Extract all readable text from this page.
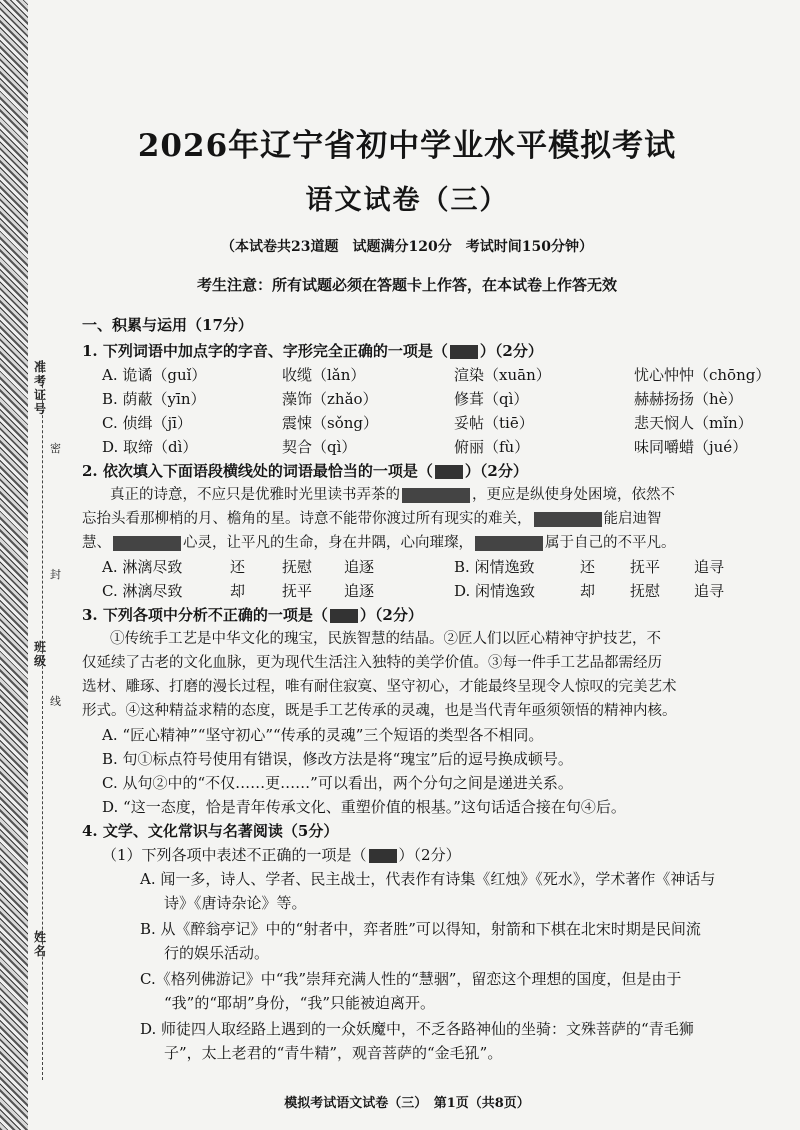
准考证号
班级
姓名
密
封
线
2026年辽宁省初中学业水平模拟考试
语文试卷（三）
（本试卷共23道题　试题满分120分　考试时间150分钟）
考生注意：所有试题必须在答题卡上作答，在本试卷上作答无效
一、积累与运用（17分）
1. 下列词语中加点字的字音、字形完全正确的一项是（ ）（2分）
A. 诡谲（guǐ）	收缆（lǎn）	渲染（xuān）	忧心忡忡（chōng）
B. 荫蔽（yīn）	藻饰（zhǎo）	修葺（qì）	赫赫扬扬（hè）
C. 侦缉（jī）	震悚（sǒng）	妥帖（tiē）	悲天悯人（mǐn）
D. 取缔（dì）	契合（qì）	俯丽（fù）	味同嚼蜡（jué）
2. 依次填入下面语段横线处的词语最恰当的一项是（ ）（2分）
真正的诗意，不应只是优雅时光里读书弄茶的	，更应是纵使身处困境，依然不
忘抬头看那柳梢的月、檐角的星。诗意不能带你渡过所有现实的难关，	能启迪智
慧、	心灵，让平凡的生命，身在井隅，心向璀璨，	属于自己的不平凡。
A. 淋漓尽致	还 抚慰 追逐	B. 闲情逸致	还 抚平 追寻
C. 淋漓尽致	却 抚平 追逐	D. 闲情逸致	却 抚慰 追寻
3. 下列各项中分析不正确的一项是（ ）（2分）
①传统手工艺是中华文化的瑰宝，民族智慧的结晶。②匠人们以匠心精神守护技艺，不
仅延续了古老的文化血脉，更为现代生活注入独特的美学价值。③每一件手工艺品都需经历
选材、雕琢、打磨的漫长过程，唯有耐住寂寞、坚守初心，才能最终呈现令人惊叹的完美艺术
形式。④这种精益求精的态度，既是手工艺传承的灵魂，也是当代青年亟须领悟的精神内核。
A. “匠心精神”“坚守初心”“传承的灵魂”三个短语的类型各不相同。
B. 句①标点符号使用有错误，修改方法是将“瑰宝”后的逗号换成顿号。
C. 从句②中的“不仅……更……”可以看出，两个分句之间是递进关系。
D. “这一态度，恰是青年传承文化、重塑价值的根基。”这句话适合接在句④后。
4. 文学、文化常识与名著阅读（5分）
（1）下列各项中表述不正确的一项是（ ）（2分）
A. 闻一多，诗人、学者、民主战士，代表作有诗集《红烛》《死水》，学术著作《神话与
诗》《唐诗杂论》等。
B. 从《醉翁亭记》中的“射者中，弈者胜”可以得知，射箭和下棋在北宋时期是民间流
行的娱乐活动。
C.《格列佛游记》中“我”崇拜充满人性的“慧骃”，留恋这个理想的国度，但是由于
“我”的“耶胡”身份，“我”只能被迫离开。
D. 师徒四人取经路上遇到的一众妖魔中，不乏各路神仙的坐骑：文殊菩萨的“青毛狮
子”，太上老君的“青牛精”，观音菩萨的“金毛犼”。
模拟考试语文试卷（三）　第1页（共8页）
